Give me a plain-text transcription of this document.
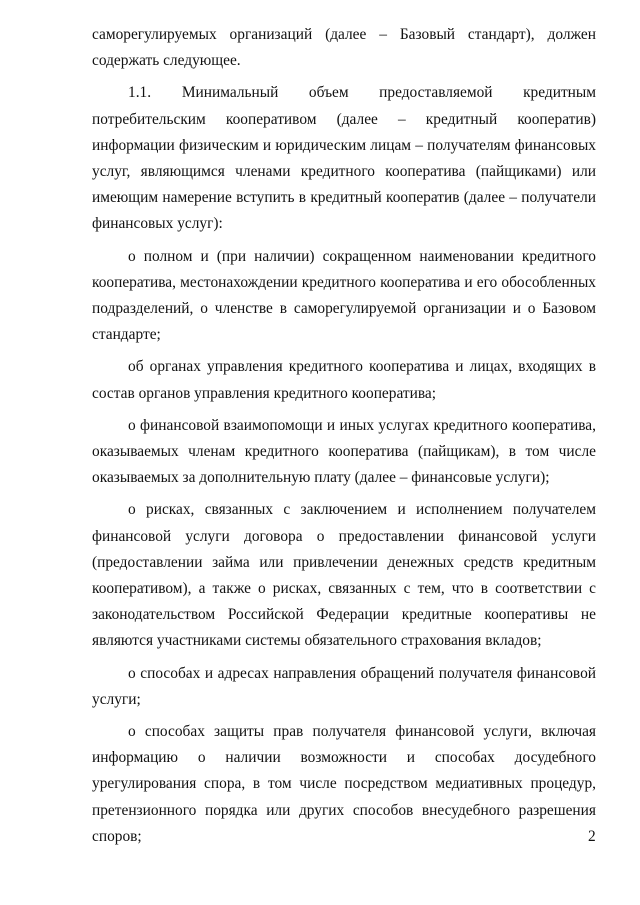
саморегулируемых организаций (далее – Базовый стандарт), должен содержать следующее.

1.1.  Минимальный объем предоставляемой кредитным потребительским кооперативом (далее – кредитный кооператив) информации физическим и юридическим лицам – получателям финансовых услуг, являющимся членами кредитного кооператива (пайщиками) или имеющим намерение вступить в кредитный кооператив (далее – получатели финансовых услуг):

о полном и (при наличии) сокращенном наименовании кредитного кооператива, местонахождении кредитного кооператива и его обособленных подразделений, о членстве в саморегулируемой организации и о Базовом стандарте;

об органах управления кредитного кооператива и лицах, входящих в состав органов управления кредитного кооператива;

о финансовой взаимопомощи и иных услугах кредитного кооператива, оказываемых членам кредитного кооператива (пайщикам), в том числе оказываемых за дополнительную плату (далее – финансовые услуги);

о рисках, связанных с заключением и исполнением получателем финансовой услуги договора о предоставлении финансовой услуги (предоставлении займа или привлечении денежных средств кредитным кооперативом), а также о рисках, связанных с тем, что в соответствии с законодательством Российской Федерации кредитные кооперативы не являются участниками системы обязательного страхования вкладов;

о способах и адресах направления обращений получателя финансовой услуги;

о способах защиты прав получателя финансовой услуги, включая информацию о наличии возможности и способах досудебного урегулирования спора, в том числе посредством медиативных процедур, претензионного порядка или других способов внесудебного разрешения споров;	2
